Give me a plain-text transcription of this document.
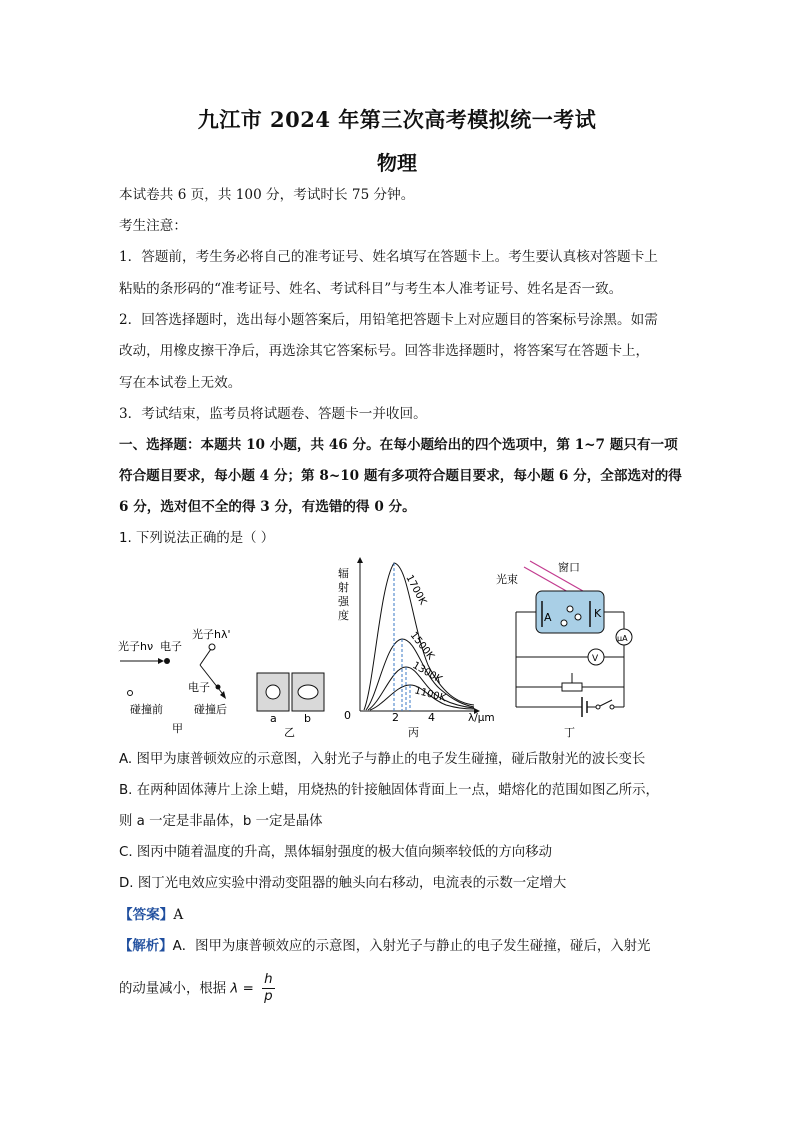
九江市 2024 年第三次高考模拟统一考试
物理
本试卷共 6 页，共 100 分，考试时长 75 分钟。
考生注意：
1．答题前，考生务必将自己的准考证号、姓名填写在答题卡上。考生要认真核对答题卡上
粘贴的条形码的“准考证号、姓名、考试科目”与考生本人准考证号、姓名是否一致。
2．回答选择题时，选出每小题答案后，用铅笔把答题卡上对应题目的答案标号涂黑。如需
改动，用橡皮擦干净后，再选涂其它答案标号。回答非选择题时，将答案写在答题卡上，
写在本试卷上无效。
3．考试结束，监考员将试题卷、答题卡一并收回。
一、选择题：本题共 10 小题，共 46 分。在每小题给出的四个选项中，第 1~7 题只有一项
符合题目要求，每小题 4 分；第 8~10 题有多项符合题目要求，每小题 6 分，全部选对的得
6 分，选对但不全的得 3 分，有选错的得 0 分。
1. 下列说法正确的是（ ）
光子hν 电子
光子hλ'
电子
碰撞前	碰撞后
甲
a b
乙
辐
射
强
度
0	2	4	λ/μm
1700K
1500K
1300K
1100K
丙
窗口
光束
A	K
μA
V
丁
A. 图甲为康普顿效应的示意图，入射光子与静止的电子发生碰撞，碰后散射光的波长变长
B. 在两种固体薄片上涂上蜡，用烧热的针接触固体背面上一点，蜡熔化的范围如图乙所示，
则 a 一定是非晶体，b 一定是晶体
C. 图丙中随着温度的升高，黑体辐射强度的极大值向频率较低的方向移动
D. 图丁光电效应实验中滑动变阻器的触头向右移动，电流表的示数一定增大
【答案】A
【解析】A．图甲为康普顿效应的示意图，入射光子与静止的电子发生碰撞，碰后，入射光
的动量减小，根据 $\lambda = \frac{h}{p}$
